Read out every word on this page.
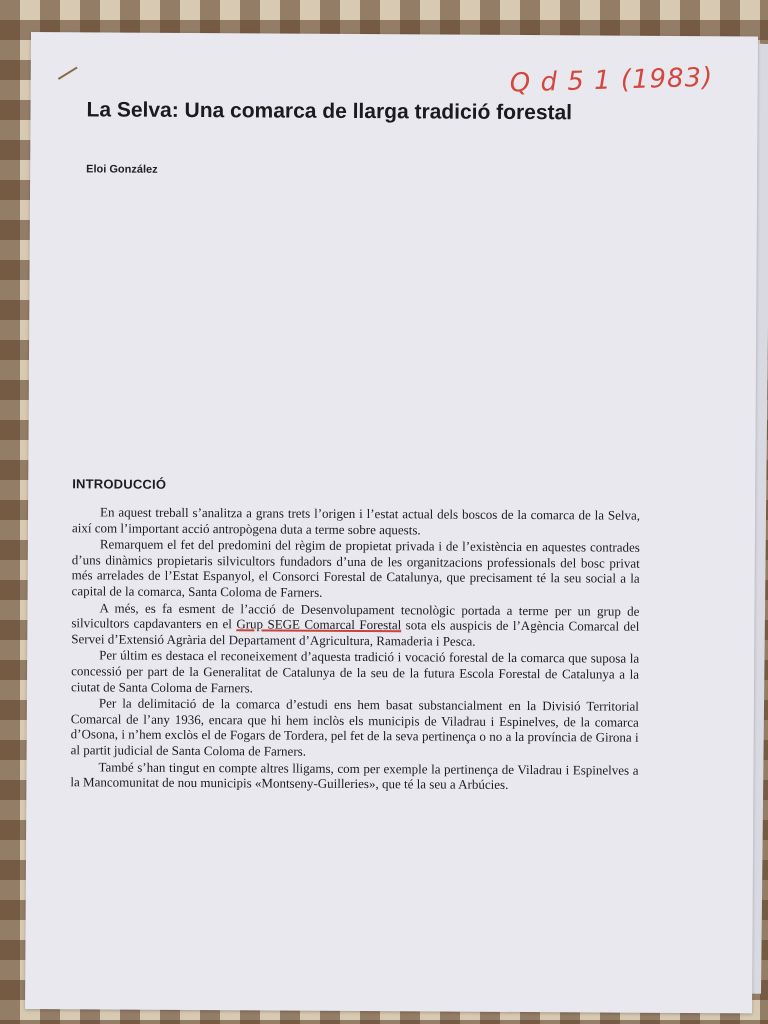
Q d 5 1 (1983)
La Selva: Una comarca de llarga tradició forestal
Eloi González
INTRODUCCIÓ

En aquest treball s’analitza a grans trets l’origen i l’estat actual dels boscos de la comarca de la Selva, així com l’important acció antropògena duta a terme sobre aquests.

Remarquem el fet del predomini del règim de propietat privada i de l’existència en aquestes contrades d’uns dinàmics propietaris silvicultors fundadors d’una de les organitzacions professionals del bosc privat més arrelades de l’Estat Espanyol, el Consorci Forestal de Catalunya, que precisament té la seu social a la capital de la comarca, Santa Coloma de Farners.

A més, es fa esment de l’acció de Desenvolupament tecnològic portada a terme per un grup de silvicultors capdavanters en el Grup SEGE Comarcal Forestal sota els auspicis de l’Agència Comarcal del Servei d’Extensió Agrària del Departament d’Agricultura, Ramaderia i Pesca.

Per últim es destaca el reconeixement d’aquesta tradició i vocació forestal de la comarca que suposa la concessió per part de la Generalitat de Catalunya de la seu de la futura Escola Forestal de Catalunya a la ciutat de Santa Coloma de Farners.

Per la delimitació de la comarca d’estudi ens hem basat substancialment en la Divisió Territorial Comarcal de l’any 1936, encara que hi hem inclòs els municipis de Viladrau i Espinelves, de la comarca d’Osona, i n’hem exclòs el de Fogars de Tordera, pel fet de la seva pertinença o no a la província de Girona i al partit judicial de Santa Coloma de Farners.

També s’han tingut en compte altres lligams, com per exemple la pertinença de Viladrau i Espinelves a la Mancomunitat de nou municipis «Montseny-Guilleries», que té la seu a Arbúcies.
